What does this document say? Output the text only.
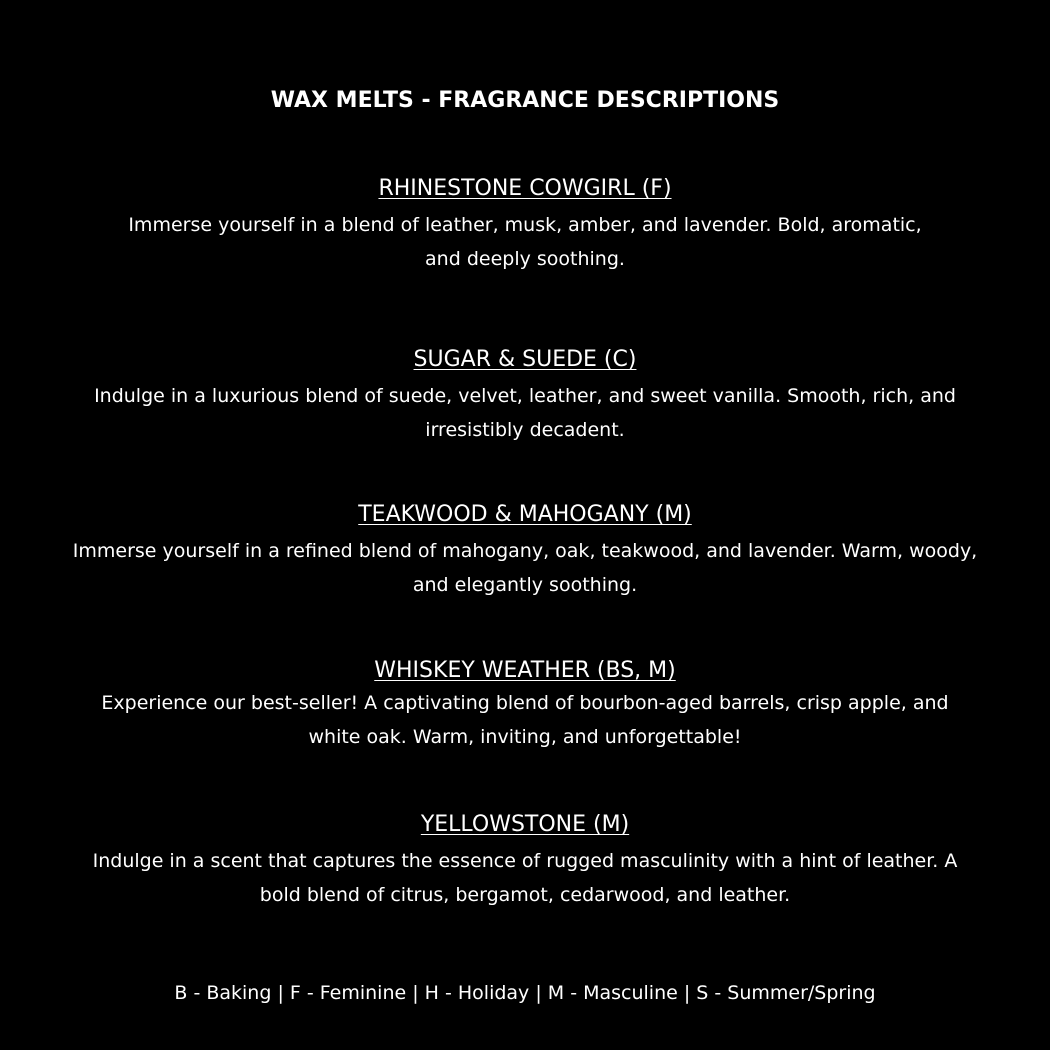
WAX MELTS - FRAGRANCE DESCRIPTIONS
RHINESTONE COWGIRL (F)

Immerse yourself in a blend of leather, musk, amber, and lavender. Bold, aromatic, and deeply soothing.

SUGAR & SUEDE (C)

Indulge in a luxurious blend of suede, velvet, leather, and sweet vanilla. Smooth, rich, and irresistibly decadent.

TEAKWOOD & MAHOGANY (M)

Immerse yourself in a refined blend of mahogany, oak, teakwood, and lavender. Warm, woody, and elegantly soothing.

WHISKEY WEATHER (BS, M)

Experience our best-seller! A captivating blend of bourbon-aged barrels, crisp apple, and white oak. Warm, inviting, and unforgettable!

YELLOWSTONE (M)

Indulge in a scent that captures the essence of rugged masculinity with a hint of leather. A bold blend of citrus, bergamot, cedarwood, and leather.

B - Baking | F - Feminine | H - Holiday | M - Masculine | S - Summer/Spring
